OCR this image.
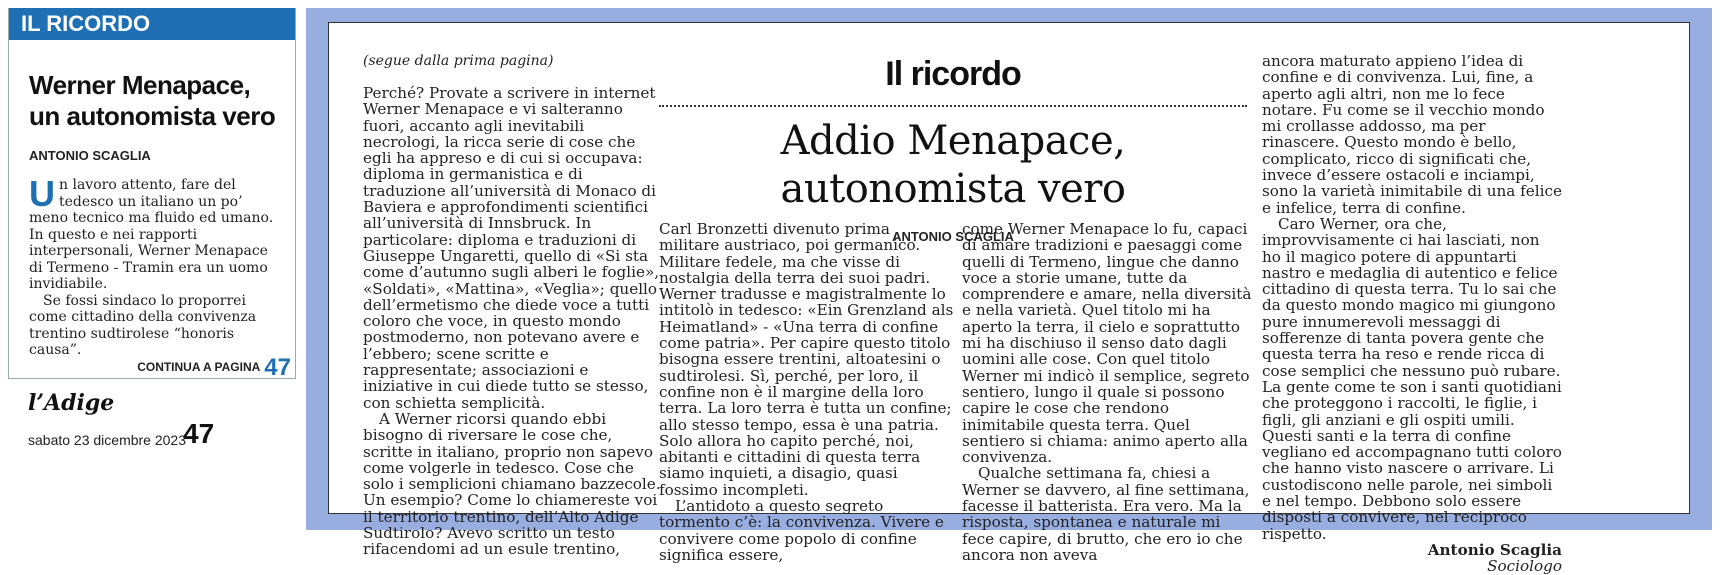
IL RICORDO
Werner Menapace,
un autonomista vero
ANTONIO SCAGLIA

Un lavoro attento, fare del tedesco un italiano un po’ meno tecnico ma fluido ed umano. In questo e nei rapporti interpersonali, Werner Menapace di Termeno - Tramin era un uomo invidiabile.

Se fossi sindaco lo proporrei come cittadino della convivenza trentino sudtirolese “honoris causa”.

CONTINUA A PAGINA 47
l’Adige
sabato 23 dicembre 2023
47
(segue dalla prima pagina)

Perché? Provate a scrivere in internet Werner Menapace e vi salteranno fuori, accanto agli inevitabili necrologi, la ricca serie di cose che egli ha appreso e di cui si occupava: diploma in germanistica e di traduzione all’università di Monaco di Baviera e approfondimenti scientifici all’università di Innsbruck. In particolare: diploma e traduzioni di Giuseppe Ungaretti, quello di «Si sta come d’autunno sugli alberi le foglie», «Soldati», «Mattina», «Veglia»; quello dell’ermetismo che diede voce a tutti coloro che voce, in questo mondo postmoderno, non potevano avere e l’ebbero; scene scritte e rappresentate; associazioni e iniziative in cui diede tutto se stesso, con schietta semplicità.

A Werner ricorsi quando ebbi bisogno di riversare le cose che, scritte in italiano, proprio non sapevo come volgerle in tedesco. Cose che solo i semplicioni chiamano bazzecole. Un esempio? Come lo chiamereste voi il territorio trentino, dell’Alto Adige Sudtirolo? Avevo scritto un testo rifacendomi ad un esule trentino,

Il ricordo
Addio Menapace, autonomista vero
ANTONIO SCAGLIA

Carl Bronzetti divenuto prima militare austriaco, poi germanico. Militare fedele, ma che visse di nostalgia della terra dei suoi padri. Werner tradusse e magistralmente lo intitolò in tedesco: «Ein Grenzland als Heimatland» - «Una terra di confine come patria». Per capire questo titolo bisogna essere trentini, altoatesini o sudtirolesi. Sì, perché, per loro, il confine non è il margine della loro terra. La loro terra è tutta un confine; allo stesso tempo, essa è una patria. Solo allora ho capito perché, noi, abitanti e cittadini di questa terra siamo inquieti, a disagio, quasi fossimo incompleti.

L’antidoto a questo segreto tormento c’è: la convivenza. Vivere e convivere come popolo di confine significa essere,

come Werner Menapace lo fu, capaci di amare tradizioni e paesaggi come quelli di Termeno, lingue che danno voce a storie umane, tutte da comprendere e amare, nella diversità e nella varietà. Quel titolo mi ha aperto la terra, il cielo e soprattutto mi ha dischiuso il senso dato dagli uomini alle cose. Con quel titolo Werner mi indicò il semplice, segreto sentiero, lungo il quale si possono capire le cose che rendono inimitabile questa terra. Quel sentiero si chiama: animo aperto alla convivenza.

Qualche settimana fa, chiesi a Werner se davvero, al fine settimana, facesse il batterista. Era vero. Ma la risposta, spontanea e naturale mi fece capire, di brutto, che ero io che ancora non aveva

ancora maturato appieno l’idea di confine e di convivenza. Lui, fine, a aperto agli altri, non me lo fece notare. Fu come se il vecchio mondo mi crollasse addosso, ma per rinascere. Questo mondo è bello, complicato, ricco di significati che, invece d’essere ostacoli e inciampi, sono la varietà inimitabile di una felice e infelice, terra di confine.

Caro Werner, ora che, improvvisamente ci hai lasciati, non ho il magico potere di appuntarti nastro e medaglia di autentico e felice cittadino di questa terra. Tu lo sai che da questo mondo magico mi giungono pure innumerevoli messaggi di sofferenze di tanta povera gente che questa terra ha reso e rende ricca di cose semplici che nessuno può rubare. La gente come te son i santi quotidiani che proteggono i raccolti, le figlie, i figli, gli anziani e gli ospiti umili. Questi santi e la terra di confine vegliano ed accompagnano tutti coloro che hanno visto nascere o arrivare. Li custodiscono nelle parole, nei simboli e nel tempo. Debbono solo essere disposti a convivere, nel reciproco rispetto.

Antonio Scaglia

Sociologo
